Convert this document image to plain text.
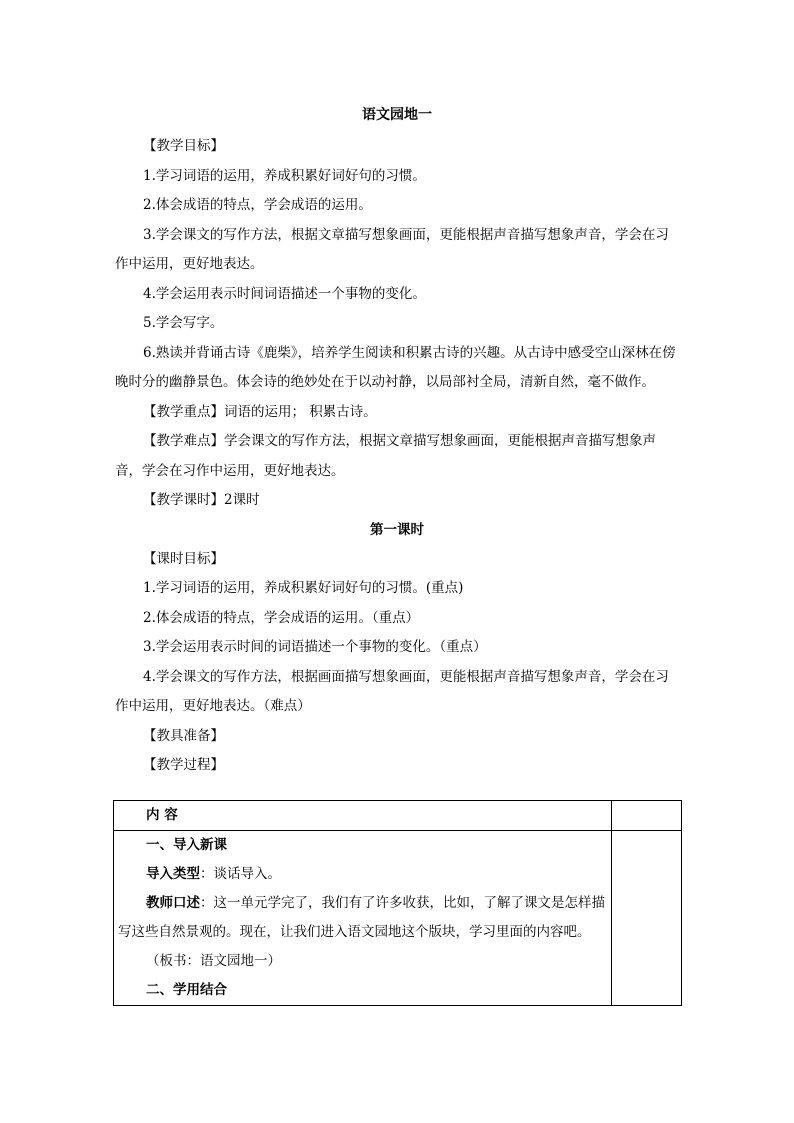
语文园地一

【教学目标】

1.学习词语的运用，养成积累好词好句的习惯。

2.体会成语的特点，学会成语的运用。

3.学会课文的写作方法，根据文章描写想象画面，更能根据声音描写想象声音，学会在习作中运用，更好地表达。

4.学会运用表示时间词语描述一个事物的变化。

5.学会写字。

6.熟读并背诵古诗《鹿柴》，培养学生阅读和积累古诗的兴趣。从古诗中感受空山深林在傍晚时分的幽静景色。体会诗的绝妙处在于以动衬静，以局部衬全局，清新自然，毫不做作。

【教学重点】词语的运用； 积累古诗。

【教学难点】学会课文的写作方法，根据文章描写想象画面，更能根据声音描写想象声音，学会在习作中运用，更好地表达。

【教学课时】2课时

第一课时

【课时目标】

1.学习词语的运用，养成积累好词好句的习惯。(重点)

2.体会成语的特点，学会成语的运用。（重点）

3.学会运用表示时间的词语描述一个事物的变化。（重点）

4.学会课文的写作方法，根据画面描写想象画面，更能根据声音描写想象声音，学会在习作中运用，更好地表达。（难点）

【教具准备】

【教学过程】

内 容	

一、导入新课

导入类型：谈话导入。

教师口述：这一单元学完了，我们有了许多收获，比如，了解了课文是怎样描写这些自然景观的。现在，让我们进入语文园地这个版块，学习里面的内容吧。

（板书：语文园地一）

二、学用结合	
